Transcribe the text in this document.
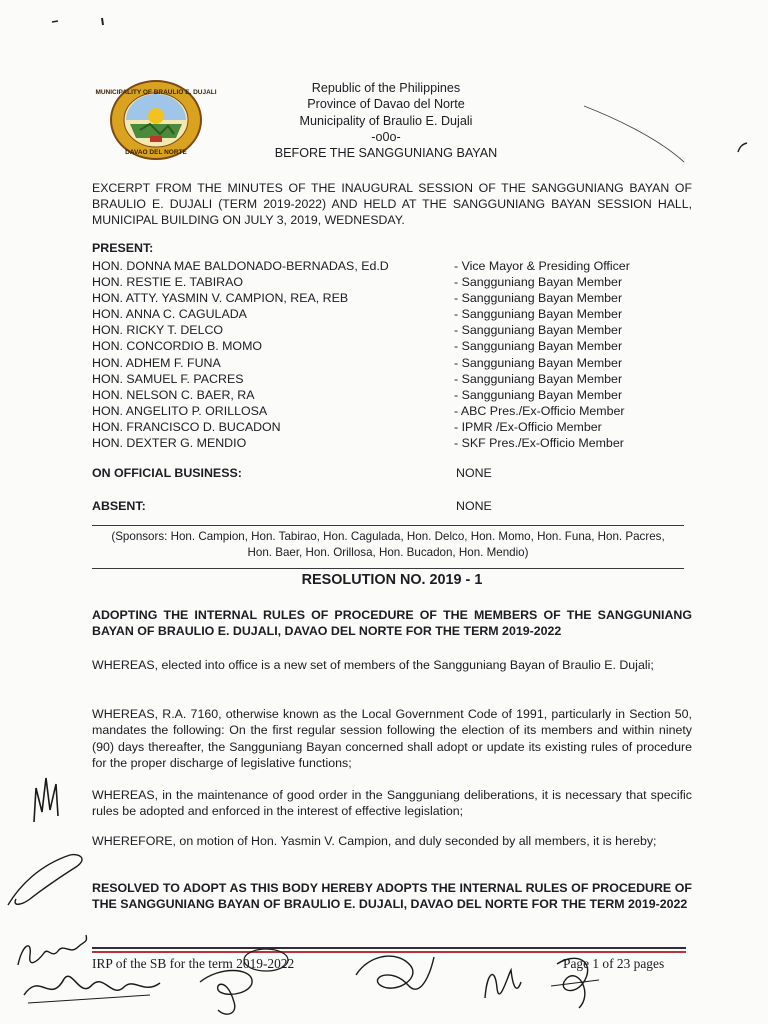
MUNICIPALITY OF BRAULIO E. DUJALI
DAVAO DEL NORTE
Republic of the Philippines
Province of Davao del Norte
Municipality of Braulio E. Dujali
-o0o-
BEFORE THE SANGGUNIANG BAYAN
EXCERPT FROM THE MINUTES OF THE INAUGURAL SESSION OF THE SANGGUNIANG BAYAN OF BRAULIO E. DUJALI (TERM 2019-2022) AND HELD AT THE SANGGUNIANG BAYAN SESSION HALL, MUNICIPAL BUILDING ON JULY 3, 2019, WEDNESDAY.
PRESENT:
HON. DONNA MAE BALDONADO-BERNADAS, Ed.D	- Vice Mayor & Presiding Officer
HON. RESTIE E. TABIRAO	- Sangguniang Bayan Member
HON. ATTY. YASMIN V. CAMPION, REA, REB	- Sangguniang Bayan Member
HON. ANNA C. CAGULADA	- Sangguniang Bayan Member
HON. RICKY T. DELCO	- Sangguniang Bayan Member
HON. CONCORDIO B. MOMO	- Sangguniang Bayan Member
HON. ADHEM F. FUNA	- Sangguniang Bayan Member
HON. SAMUEL F. PACRES	- Sangguniang Bayan Member
HON. NELSON C. BAER, RA	- Sangguniang Bayan Member
HON. ANGELITO P. ORILLOSA	- ABC Pres./Ex-Officio Member
HON. FRANCISCO D. BUCADON	- IPMR /Ex-Officio Member
HON. DEXTER G. MENDIO	- SKF Pres./Ex-Officio Member
ON OFFICIAL BUSINESS:	NONE
ABSENT:	NONE
(Sponsors: Hon. Campion, Hon. Tabirao, Hon. Cagulada, Hon. Delco, Hon. Momo, Hon. Funa, Hon. Pacres, Hon. Baer, Hon. Orillosa, Hon. Bucadon, Hon. Mendio)
RESOLUTION NO. 2019 - 1
ADOPTING THE INTERNAL RULES OF PROCEDURE OF THE MEMBERS OF THE SANGGUNIANG BAYAN OF BRAULIO E. DUJALI, DAVAO DEL NORTE FOR THE TERM 2019-2022
WHEREAS, elected into office is a new set of members of the Sangguniang Bayan of Braulio E. Dujali;
WHEREAS, R.A. 7160, otherwise known as the Local Government Code of 1991, particularly in Section 50, mandates the following: On the first regular session following the election of its members and within ninety (90) days thereafter, the Sangguniang Bayan concerned shall adopt or update its existing rules of procedure for the proper discharge of legislative functions;
WHEREAS, in the maintenance of good order in the Sangguniang deliberations, it is necessary that specific rules be adopted and enforced in the interest of effective legislation;
WHEREFORE, on motion of Hon. Yasmin V. Campion, and duly seconded by all members, it is hereby;
RESOLVED TO ADOPT AS THIS BODY HEREBY ADOPTS THE INTERNAL RULES OF PROCEDURE OF THE SANGGUNIANG BAYAN OF BRAULIO E. DUJALI, DAVAO DEL NORTE FOR THE TERM 2019-2022
IRP of the SB for the term 2019-2022	Page 1 of 23 pages
